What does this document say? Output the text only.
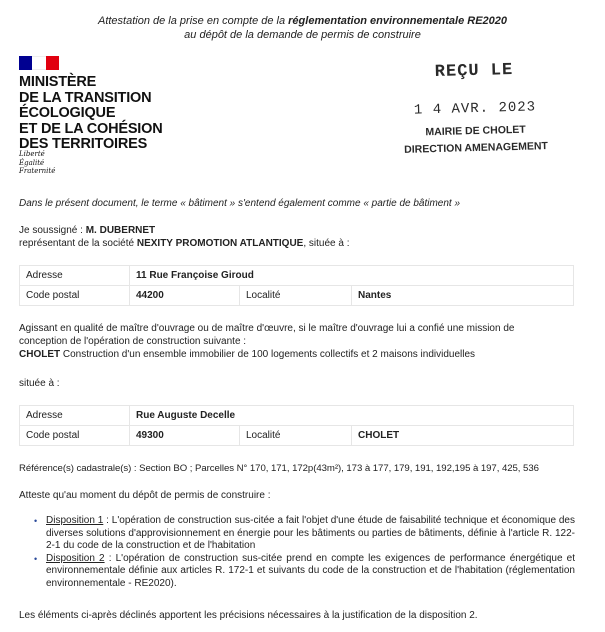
Attestation de la prise en compte de la réglementation environnementale RE2020
au dépôt de la demande de permis de construire
MINISTÈRE
DE LA TRANSITION
ÉCOLOGIQUE
ET DE LA COHÉSION
DES TERRITOIRES
Liberté
Égalité
Fraternité
REÇU LE
1 4 AVR. 2023
MAIRIE DE CHOLET
DIRECTION AMENAGEMENT
Dans le présent document, le terme « bâtiment » s'entend également comme « partie de bâtiment »
Je soussigné : M. DUBERNET
représentant de la société NEXITY PROMOTION ATLANTIQUE, située à :
Adresse	11 Rue Françoise Giroud		
Code postal	44200	Localité	Nantes
Agissant en qualité de maître d'ouvrage ou de maître d'œuvre, si le maître d'ouvrage lui a confié une mission de
conception de l'opération de construction suivante :
CHOLET Construction d'un ensemble immobilier de 100 logements collectifs et 2 maisons individuelles
située à :
Adresse	Rue Auguste Decelle		
Code postal	49300	Localité	CHOLET
Référence(s) cadastrale(s) : Section BO ; Parcelles N° 170, 171, 172p(43m²), 173 à 177, 179, 191, 192,195 à 197, 425, 536
Atteste qu'au moment du dépôt de permis de construire :
• Disposition 1 : L'opération de construction sus-citée a fait l'objet d'une étude de faisabilité technique et économique des diverses solutions d'approvisionnement en énergie pour les bâtiments ou parties de bâtiments, définie à l'article R. 122-2-1 du code de la construction et de l'habitation
• Disposition 2 : L'opération de construction sus-citée prend en compte les exigences de performance énergétique et environnementale définie aux articles R. 172-1 et suivants du code de la construction et de l'habitation (réglementation environnementale - RE2020).
Les éléments ci-après déclinés apportent les précisions nécessaires à la justification de la disposition 2.
